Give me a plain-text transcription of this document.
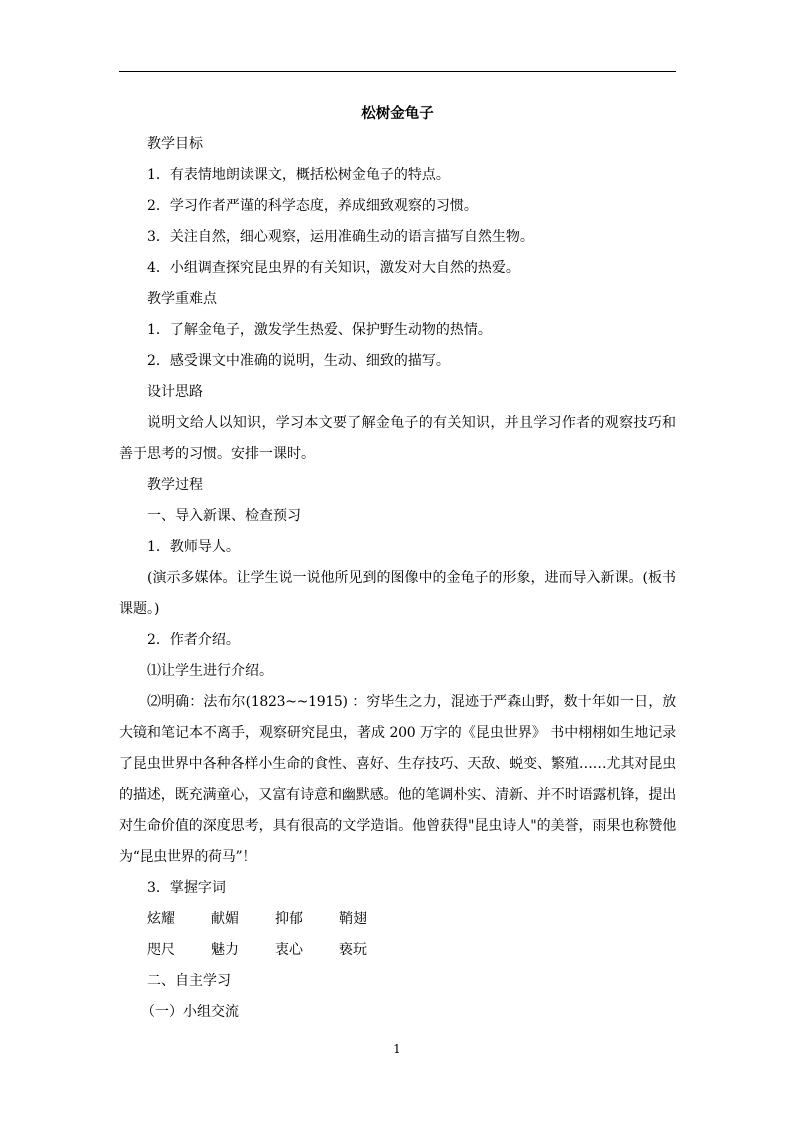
松树金龟子
教学目标
1．有表情地朗读课文，概括松树金龟子的特点。
2．学习作者严谨的科学态度，养成细致观察的习惯。
3．关注自然，细心观察，运用准确生动的语言描写自然生物。
4．小组调查探究昆虫界的有关知识，激发对大自然的热爱。
教学重难点
1．了解金龟子，激发学生热爱、保护野生动物的热情。
2．感受课文中准确的说明，生动、细致的描写。
设计思路
说明文给人以知识，学习本文要了解金龟子的有关知识，并且学习作者的观察技巧和善于思考的习惯。安排一课时。
教学过程
一、导入新课、检查预习
1．教师导人。
(演示多媒体。让学生说一说他所见到的图像中的金龟子的形象，进而导入新课。(板书课题。)
2．作者介绍。
⑴让学生进行介绍。
⑵明确：法布尔(1823~~1915) ：穷毕生之力，混迹于严森山野，数十年如一日，放大镜和笔记本不离手，观察研究昆虫，著成 200 万字的《昆虫世界》 书中栩栩如生地记录了昆虫世界中各种各样小生命的食性、喜好、生存技巧、天敌、蜕变、繁殖……尤其对昆虫的描述，既充满童心，又富有诗意和幽默感。他的笔调朴实、清新、并不时语露机锋，提出对生命价值的深度思考，具有很高的文学造诣。他曾获得"昆虫诗人"的美誉，雨果也称赞他为“昆虫世界的荷马”！
3．掌握字词
炫耀	献媚	抑郁	鞘翅
咫尺	魅力	衷心	亵玩
二、自主学习
（一）小组交流
1
